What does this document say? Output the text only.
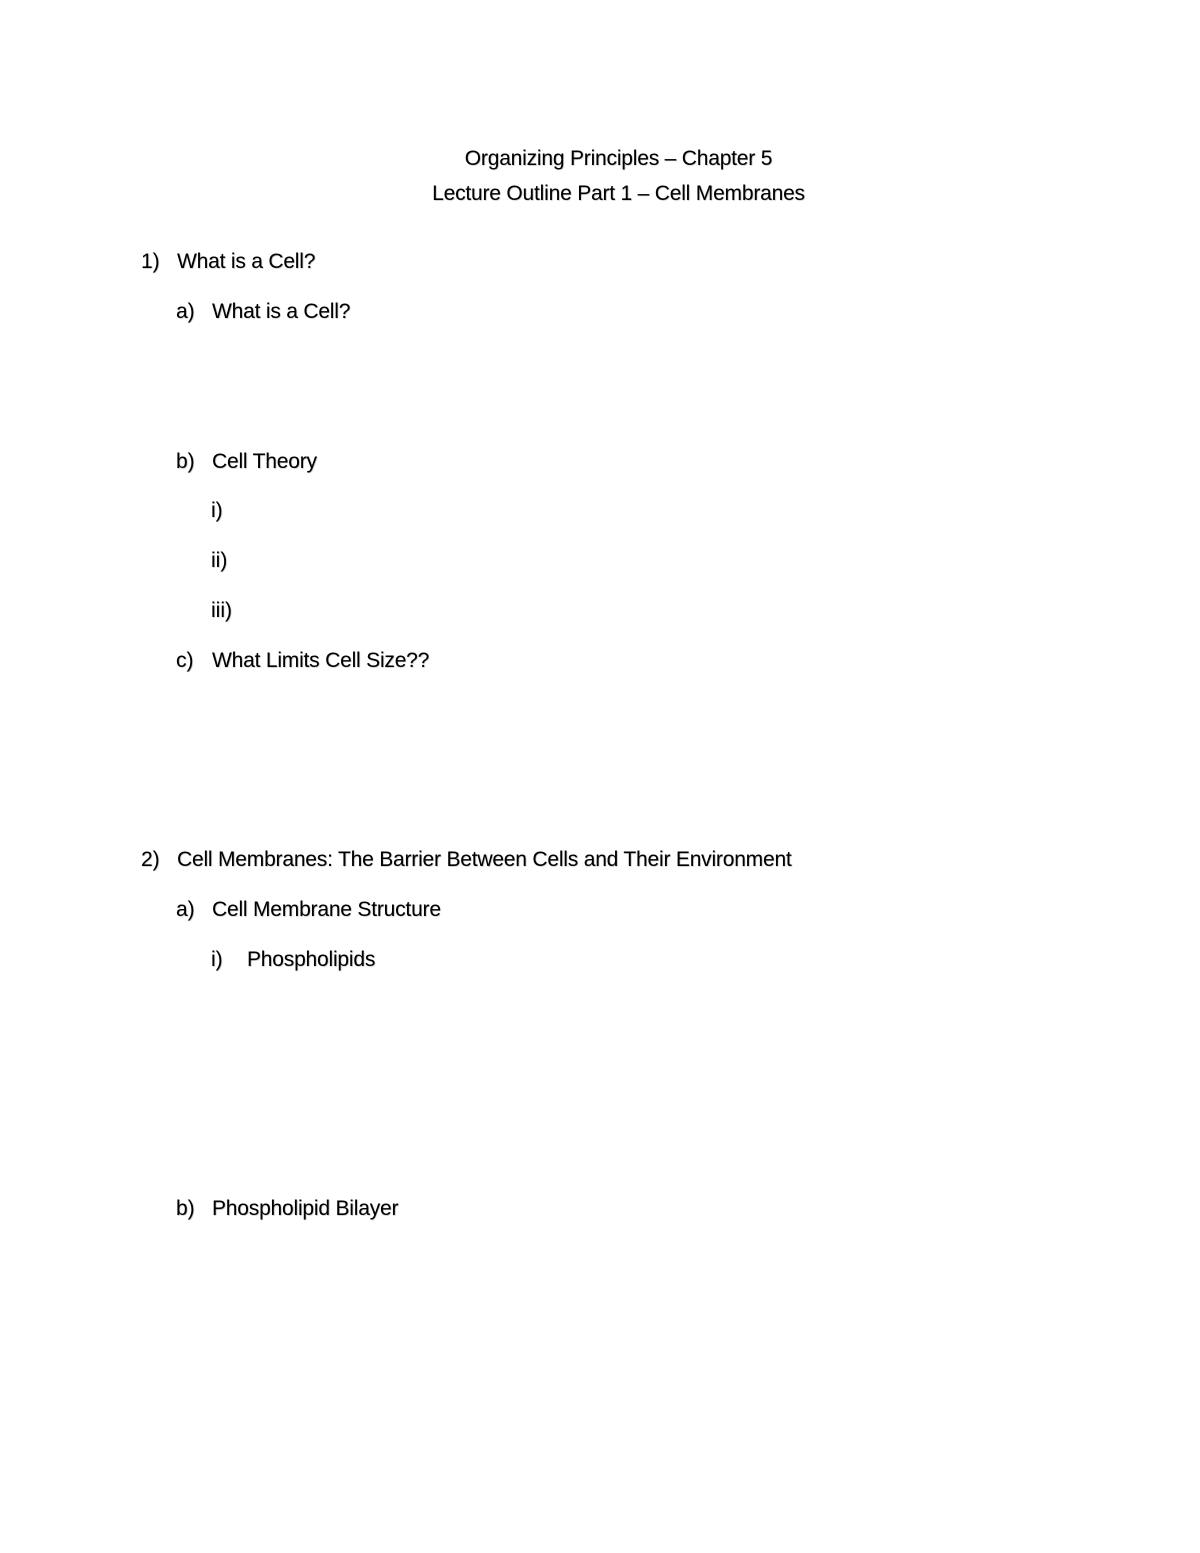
Organizing Principles – Chapter 5
Lecture Outline Part 1 – Cell Membranes
1) What is a Cell?
a) What is a Cell?
b) Cell Theory
i)
ii)
iii)
c) What Limits Cell Size??
2) Cell Membranes: The Barrier Between Cells and Their Environment
a) Cell Membrane Structure
i) Phospholipids
b) Phospholipid Bilayer
